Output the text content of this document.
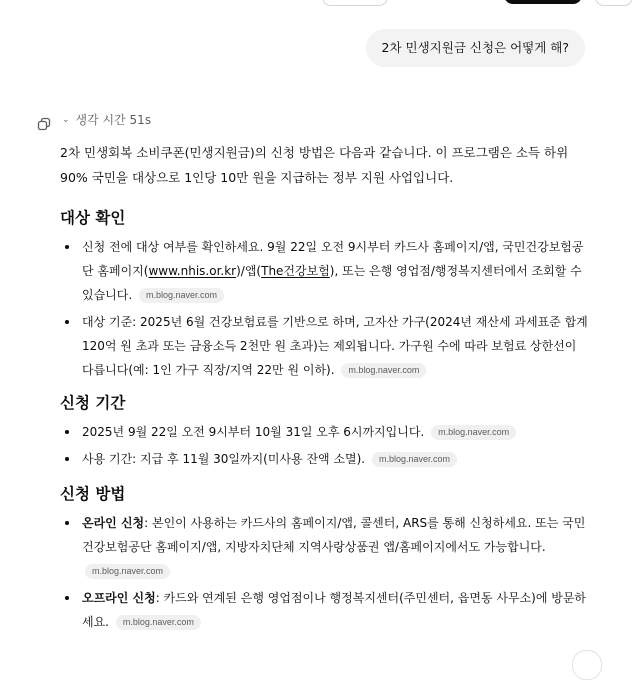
2차 민생지원금 신청은 어떻게 해?
⌄ 생각 시간 51s

2차 민생회복 소비쿠폰(민생지원금)의 신청 방법은 다음과 같습니다. 이 프로그램은 소득 하위 90% 국민을 대상으로 1인당 10만 원을 지급하는 정부 지원 사업입니다.

대상 확인
신청 전에 대상 여부를 확인하세요. 9월 22일 오전 9시부터 카드사 홈페이지/앱, 국민건강보험공단 홈페이지(www.nhis.or.kr)/앱(The건강보험), 또는 은행 영업점/행정복지센터에서 조회할 수 있습니다. m.blog.naver.com
대상 기준: 2025년 6월 건강보험료를 기반으로 하며, 고자산 가구(2024년 재산세 과세표준 합계 120억 원 초과 또는 금융소득 2천만 원 초과)는 제외됩니다. 가구원 수에 따라 보험료 상한선이 다릅니다(예: 1인 가구 직장/지역 22만 원 이하). m.blog.naver.com
신청 기간
2025년 9월 22일 오전 9시부터 10월 31일 오후 6시까지입니다. m.blog.naver.com
사용 기간: 지급 후 11월 30일까지(미사용 잔액 소멸). m.blog.naver.com
신청 방법
온라인 신청: 본인이 사용하는 카드사의 홈페이지/앱, 콜센터, ARS를 통해 신청하세요. 또는 국민건강보험공단 홈페이지/앱, 지방자치단체 지역사랑상품권 앱/홈페이지에서도 가능합니다. m.blog.naver.com
오프라인 신청: 카드와 연계된 은행 영업점이나 행정복지센터(주민센터, 읍면동 사무소)에 방문하세요. m.blog.naver.com
